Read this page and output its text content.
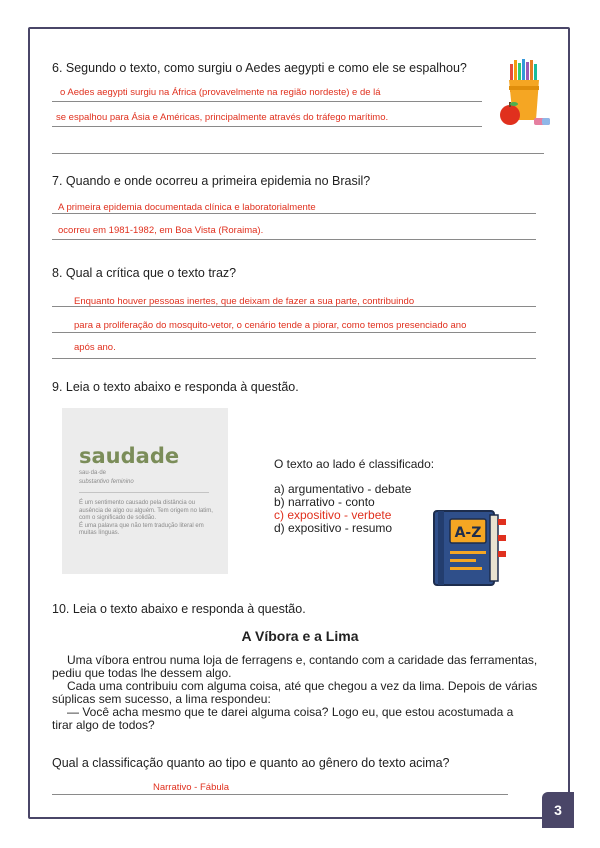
6. Segundo o texto, como surgiu o Aedes aegypti e como ele se espalhou?
o Aedes aegypti surgiu na África (provavelmente na região nordeste) e de lá
se espalhou para Ásia e Américas, principalmente através do tráfego marítimo.
7. Quando e onde ocorreu a primeira epidemia no Brasil?
A primeira epidemia documentada clínica e laboratorialmente
ocorreu em 1981-1982, em Boa Vista (Roraima).
8. Qual a crítica que o texto traz?
Enquanto houver pessoas inertes, que deixam de fazer a sua parte, contribuindo
para a proliferação do mosquito-vetor, o cenário tende a piorar, como temos presenciado ano
após ano.
9. Leia o texto abaixo e responda à questão.
saudade
sau·da·de
substantivo feminino
É um sentimento causado pela distância ou ausência de algo ou alguém. Tem origem no latim, com o significado de solidão.
É uma palavra que não tem tradução literal em muitas línguas.
O texto ao lado é classificado:
a) argumentativo - debate
b) narrativo - conto
c) expositivo - verbete
d) expositivo - resumo	A-Z
10. Leia o texto abaixo e responda à questão.
A Víbora e a Lima
Uma víbora entrou numa loja de ferragens e, contando com a caridade das ferramentas,
pediu que todas lhe dessem algo.
Cada uma contribuiu com alguma coisa, até que chegou a vez da lima. Depois de várias
súplicas sem sucesso, a lima respondeu:
— Você acha mesmo que te darei alguma coisa? Logo eu, que estou acostumada a
tirar algo de todos?
Qual a classificação quanto ao tipo e quanto ao gênero do texto acima?
Narrativo - Fábula
3
